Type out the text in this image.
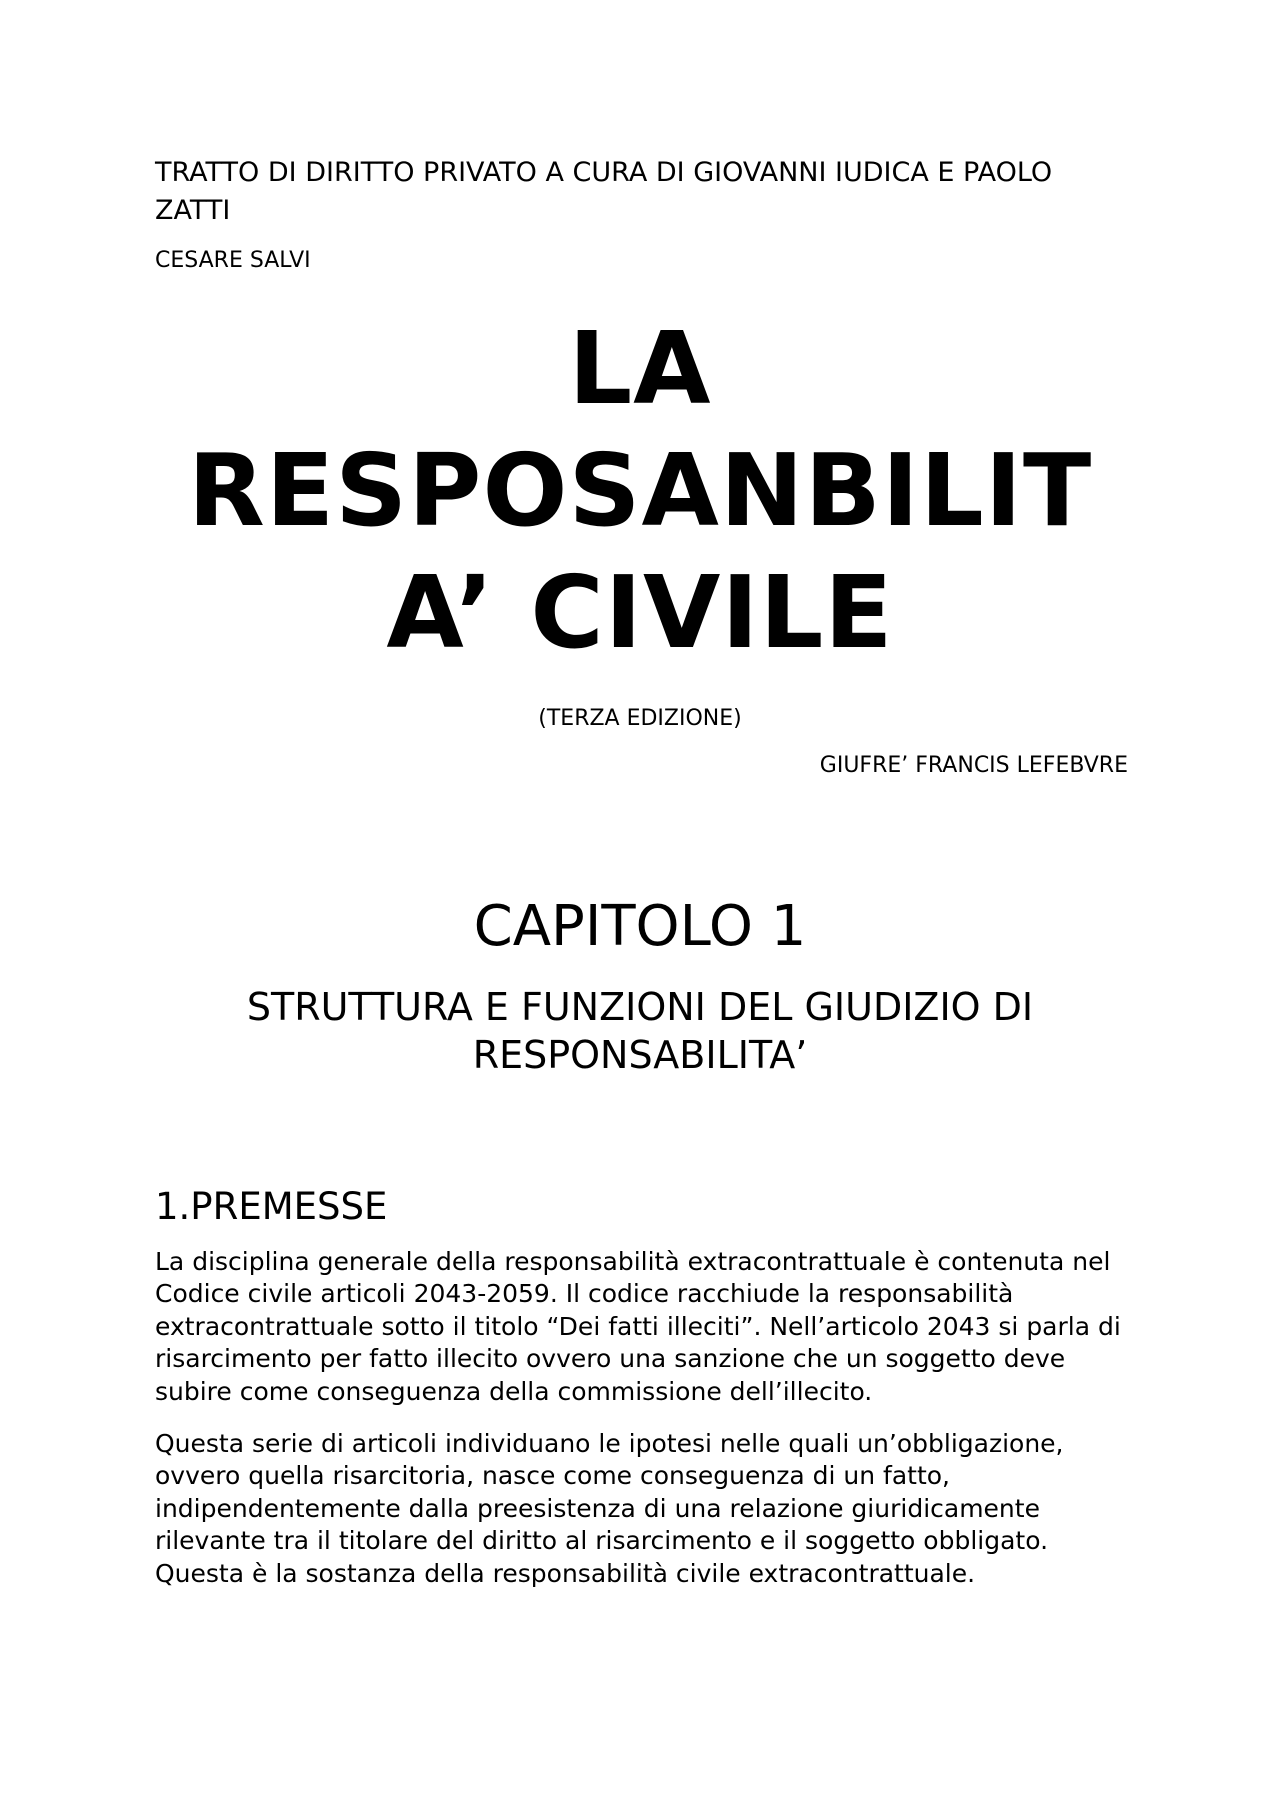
TRATTO DI DIRITTO PRIVATO A CURA DI GIOVANNI IUDICA E PAOLO ZATTI

CESARE SALVI

LA
RESPOSANBILIT
A’ CIVILE

(TERZA EDIZIONE)

GIUFRE’ FRANCIS LEFEBVRE

CAPITOLO 1
STRUTTURA E FUNZIONI DEL GIUDIZIO DI RESPONSABILITA’
1.PREMESSE

La disciplina generale della responsabilità extracontrattuale è contenuta nel Codice civile articoli 2043-2059. Il codice racchiude la responsabilità extracontrattuale sotto il titolo “Dei fatti illeciti”. Nell’articolo 2043 si parla di risarcimento per fatto illecito ovvero una sanzione che un soggetto deve subire come conseguenza della commissione dell’illecito.

Questa serie di articoli individuano le ipotesi nelle quali un’obbligazione, ovvero quella risarcitoria, nasce come conseguenza di un fatto, indipendentemente dalla preesistenza di una relazione giuridicamente rilevante tra il titolare del diritto al risarcimento e il soggetto obbligato. Questa è la sostanza della responsabilità civile extracontrattuale.
